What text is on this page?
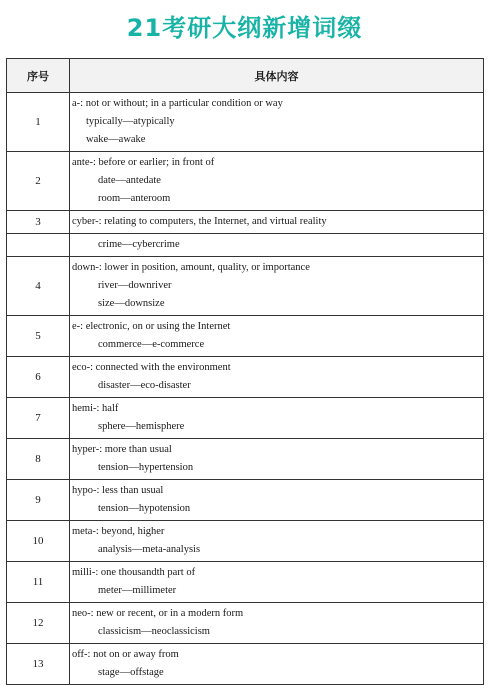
21考研大纲新增词缀
序号	具体内容
1	a-: not or without; in a particular condition or way
typically—atypically
wake—awake

2	ante-: before or earlier; in front of
date—antedate
room—anteroom

3	cyber-: relating to computers, the Internet, and virtual reality

	crime—cybercrime

4	down-: lower in position, amount, quality, or importance
river—downriver
size—downsize

5	e-: electronic, on or using the Internet
commerce—e-commerce

6	eco-: connected with the environment
disaster—eco-disaster

7	hemi-: half
sphere—hemisphere

8	hyper-: more than usual
tension—hypertension

9	hypo-: less than usual
tension—hypotension

10	meta-: beyond, higher
analysis—meta-analysis

11	milli-: one thousandth part of
meter—millimeter

12	neo-: new or recent, or in a modern form
classicism—neoclassicism

13	off-: not on or away from
stage—offstage
